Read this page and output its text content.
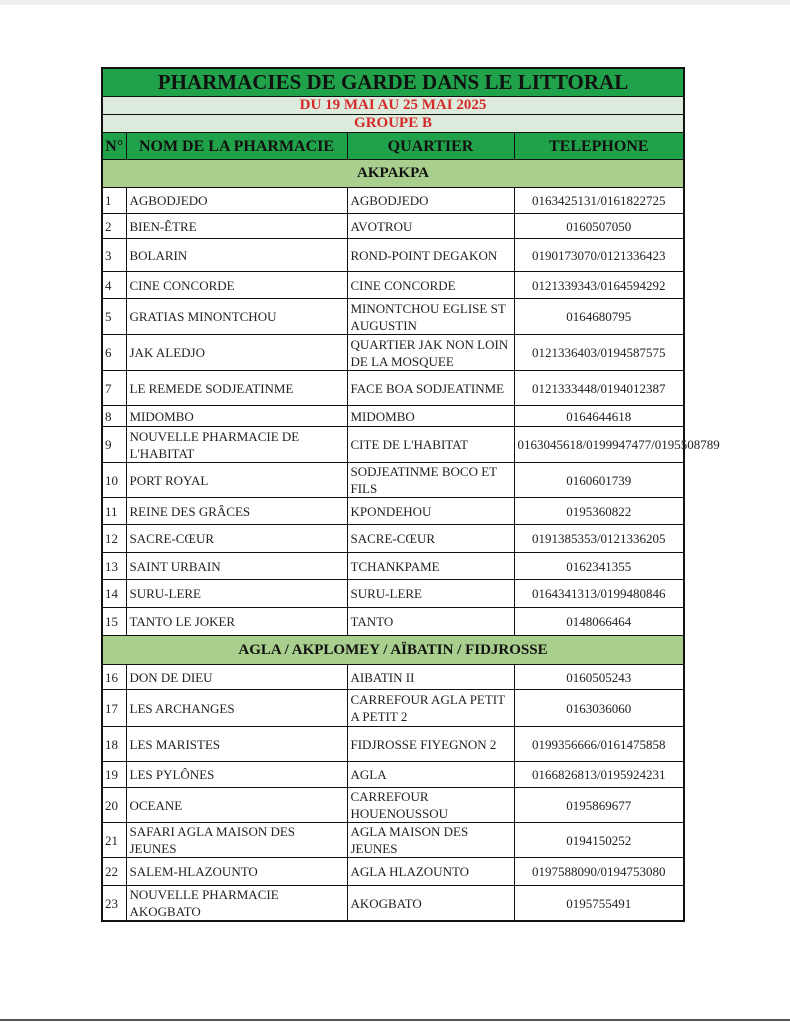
PHARMACIES DE GARDE DANS LE LITTORAL			
DU 19 MAI AU 25 MAI 2025			
GROUPE B			
N°	NOM DE LA PHARMACIE	QUARTIER	TELEPHONE
AKPAKPA			
1	AGBODJEDO	AGBODJEDO	0163425131/0161822725
2	BIEN-ÊTRE	AVOTROU	0160507050
3	BOLARIN	ROND-POINT DEGAKON	0190173070/0121336423
4	CINE CONCORDE	CINE CONCORDE	0121339343/0164594292
5	GRATIAS MINONTCHOU	MINONTCHOU EGLISE ST AUGUSTIN	0164680795
6	JAK ALEDJO	QUARTIER JAK NON LOIN DE LA MOSQUEE	0121336403/0194587575
7	LE REMEDE SODJEATINME	FACE BOA SODJEATINME	0121333448/0194012387
8	MIDOMBO	MIDOMBO	0164644618
9	NOUVELLE PHARMACIE DE L'HABITAT	CITE DE L'HABITAT	0163045618/0199947477/0195508789
10	PORT ROYAL	SODJEATINME BOCO ET FILS	0160601739
11	REINE DES GRÂCES	KPONDEHOU	0195360822
12	SACRE-CŒUR	SACRE-CŒUR	0191385353/0121336205
13	SAINT URBAIN	TCHANKPAME	0162341355
14	SURU-LERE	SURU-LERE	0164341313/0199480846
15	TANTO LE JOKER	TANTO	0148066464
AGLA / AKPLOMEY / AÏBATIN / FIDJROSSE			
16	DON DE DIEU	AIBATIN II	0160505243
17	LES ARCHANGES	CARREFOUR AGLA PETIT A PETIT 2	0163036060
18	LES MARISTES	FIDJROSSE FIYEGNON 2	0199356666/0161475858
19	LES PYLÔNES	AGLA	0166826813/0195924231
20	OCEANE	CARREFOUR HOUENOUSSOU	0195869677
21	SAFARI AGLA MAISON DES JEUNES	AGLA MAISON DES JEUNES	0194150252
22	SALEM-HLAZOUNTO	AGLA HLAZOUNTO	0197588090/0194753080
23	NOUVELLE PHARMACIE AKOGBATO	AKOGBATO	0195755491
